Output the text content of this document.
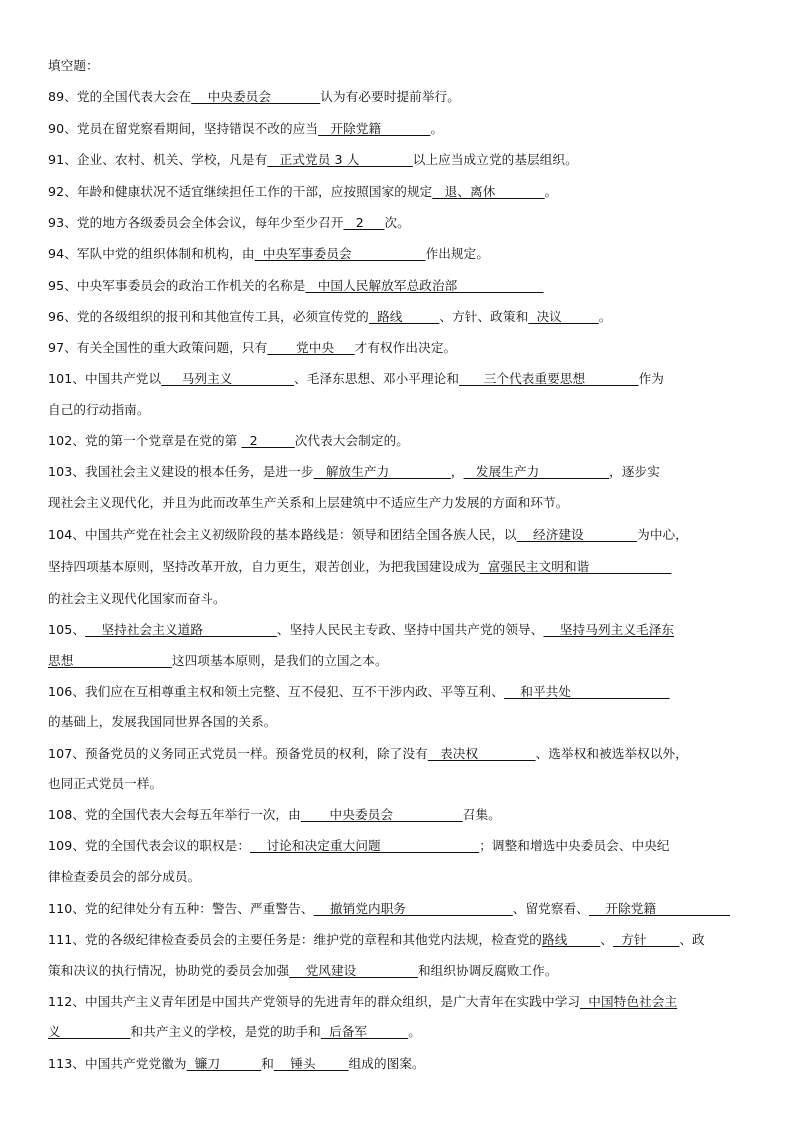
填空题：
89、党的全国代表大会在    中央委员会            认为有必要时提前举行。
90、党员在留党察看期间，坚持错误不改的应当   开除党籍            。
91、企业、农村、机关、学校，凡是有   正式党员 3 人             以上应当成立党的基层组织。
92、年龄和健康状况不适宜继续担任工作的干部，应按照国家的规定   退、离休            。
93、党的地方各级委员会全体会议，每年少至少召开   2     次。
94、军队中党的组织体制和机构，由  中央军事委员会                  作出规定。
95、中央军事委员会的政治工作机关的名称是   中国人民解放军总政治部
96、党的各级组织的报刊和其他宣传工具，必须宣传党的  路线         、方针、政策和  决议         。
97、有关全国性的重大政策问题，只有       党中央     才有权作出决定。
101、中国共产党以     马列主义               、毛泽东思想、邓小平理论和      三个代表重要思想             作为
自己的行动指南。
102、党的第一个党章是在党的第   2         次代表大会制定的。
103、我国社会主义建设的根本任务，是进一步   解放生产力               ，   发展生产力                 ，逐步实
现社会主义现代化，并且为此而改革生产关系和上层建筑中不适应生产力发展的方面和环节。
104、中国共产党在社会主义初级阶段的基本路线是：领导和团结全国各族人民，以    经济建设             为中心，
坚持四项基本原则，坚持改革开放，自力更生，艰苦创业，为把我国建设成为  富强民主文明和谐
的社会主义现代化国家而奋斗。
105、    坚持社会主义道路                  、坚持人民民主专政、坚持中国共产党的领导、    坚持马列主义毛泽东
思想                        这四项基本原则，是我们的立国之本。
106、我们应在互相尊重主权和领土完整、互不侵犯、互不干涉内政、平等互利、    和平共处
的基础上，发展我国同世界各国的关系。
107、预备党员的义务同正式党员一样。预备党员的权利，除了没有   表决权              、选举权和被选举权以外，
也同正式党员一样。
108、党的全国代表大会每五年举行一次，由       中央委员会                 召集。
109、党的全国代表会议的职权是：    讨论和决定重大问题                        ；调整和增选中央委员会、中央纪
律检查委员会的部分成员。
110、党的纪律处分有五种：警告、严重警告、    撤销党内职务                          、留党察看、    开除党籍
111、党的各级纪律检查委员会的主要任务是：维护党的章程和其他党内法规，检查党的路线        、  方针        、政
策和决议的执行情况，协助党的委员会加强    党风建设               和组织协调反腐败工作。
112、中国共产主义青年团是中国共产党领导的先进青年的群众组织，是广大青年在实践中学习  中国特色社会主
义                 和共产主义的学校，是党的助手和  后备军          。
113、中国共产党党徽为  镰刀          和    锤头        组成的图案。
